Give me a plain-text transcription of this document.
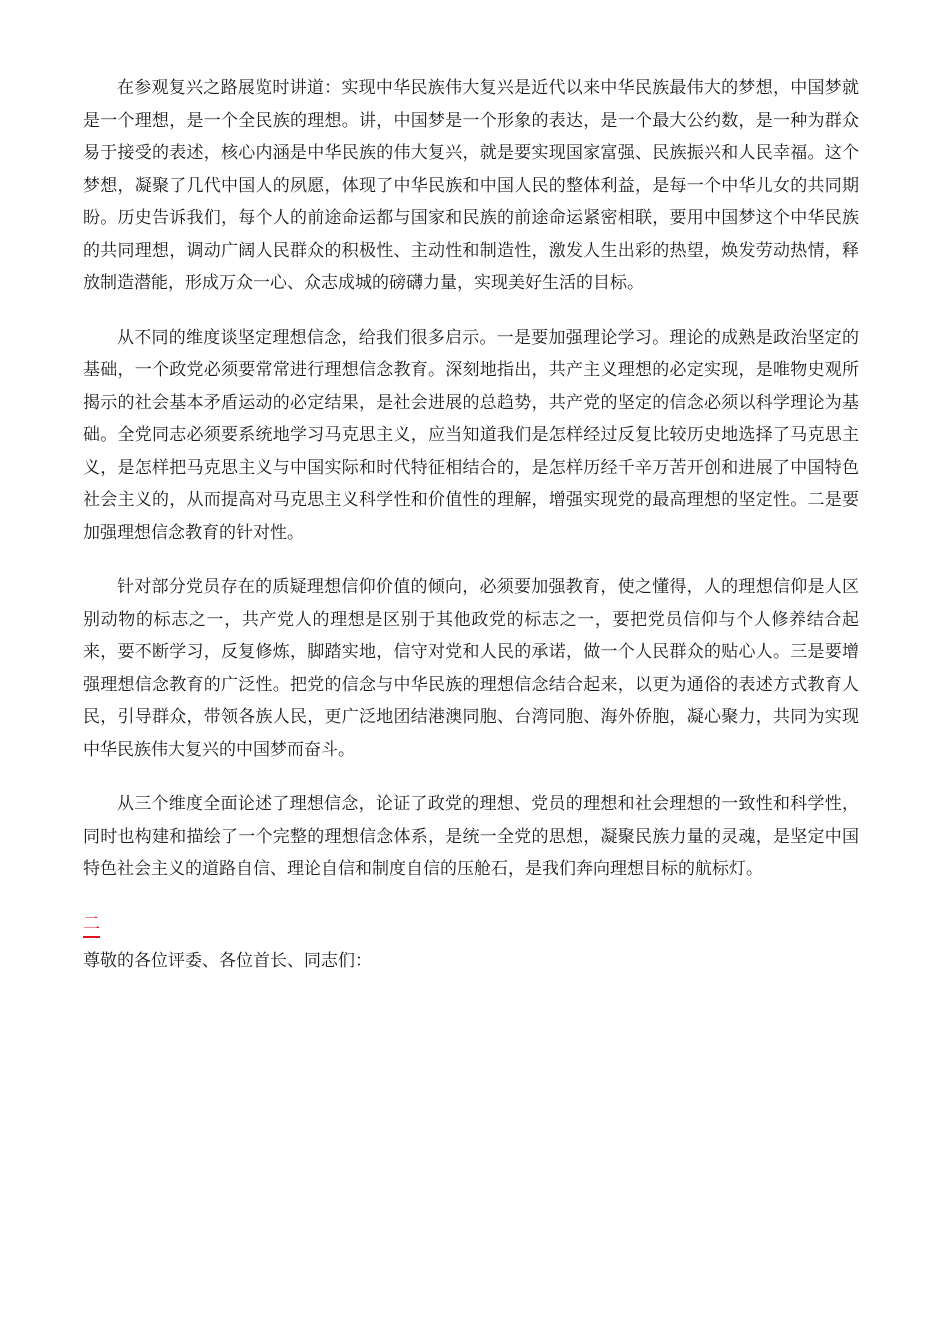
在参观复兴之路展览时讲道：实现中华民族伟大复兴是近代以来中华民族最伟大的梦想，中国梦就是一个理想，是一个全民族的理想。讲，中国梦是一个形象的表达，是一个最大公约数，是一种为群众易于接受的表述，核心内涵是中华民族的伟大复兴，就是要实现国家富强、民族振兴和人民幸福。这个梦想，凝聚了几代中国人的夙愿，体现了中华民族和中国人民的整体利益，是每一个中华儿女的共同期盼。历史告诉我们，每个人的前途命运都与国家和民族的前途命运紧密相联，要用中国梦这个中华民族的共同理想，调动广阔人民群众的积极性、主动性和制造性，激发人生出彩的热望，焕发劳动热情，释放制造潜能，形成万众一心、众志成城的磅礴力量，实现美好生活的目标。

从不同的维度谈坚定理想信念，给我们很多启示。一是要加强理论学习。理论的成熟是政治坚定的基础，一个政党必须要常常进行理想信念教育。深刻地指出，共产主义理想的必定实现，是唯物史观所揭示的社会基本矛盾运动的必定结果，是社会进展的总趋势，共产党的坚定的信念必须以科学理论为基础。全党同志必须要系统地学习马克思主义，应当知道我们是怎样经过反复比较历史地选择了马克思主义，是怎样把马克思主义与中国实际和时代特征相结合的，是怎样历经千辛万苦开创和进展了中国特色社会主义的，从而提高对马克思主义科学性和价值性的理解，增强实现党的最高理想的坚定性。二是要加强理想信念教育的针对性。

针对部分党员存在的质疑理想信仰价值的倾向，必须要加强教育，使之懂得，人的理想信仰是人区别动物的标志之一，共产党人的理想是区别于其他政党的标志之一，要把党员信仰与个人修养结合起来，要不断学习，反复修炼，脚踏实地，信守对党和人民的承诺，做一个人民群众的贴心人。三是要增强理想信念教育的广泛性。把党的信念与中华民族的理想信念结合起来，以更为通俗的表述方式教育人民，引导群众，带领各族人民，更广泛地团结港澳同胞、台湾同胞、海外侨胞，凝心聚力，共同为实现中华民族伟大复兴的中国梦而奋斗。

从三个维度全面论述了理想信念，论证了政党的理想、党员的理想和社会理想的一致性和科学性，同时也构建和描绘了一个完整的理想信念体系，是统一全党的思想，凝聚民族力量的灵魂，是坚定中国特色社会主义的道路自信、理论自信和制度自信的压舱石，是我们奔向理想目标的航标灯。

二

尊敬的各位评委、各位首长、同志们：
